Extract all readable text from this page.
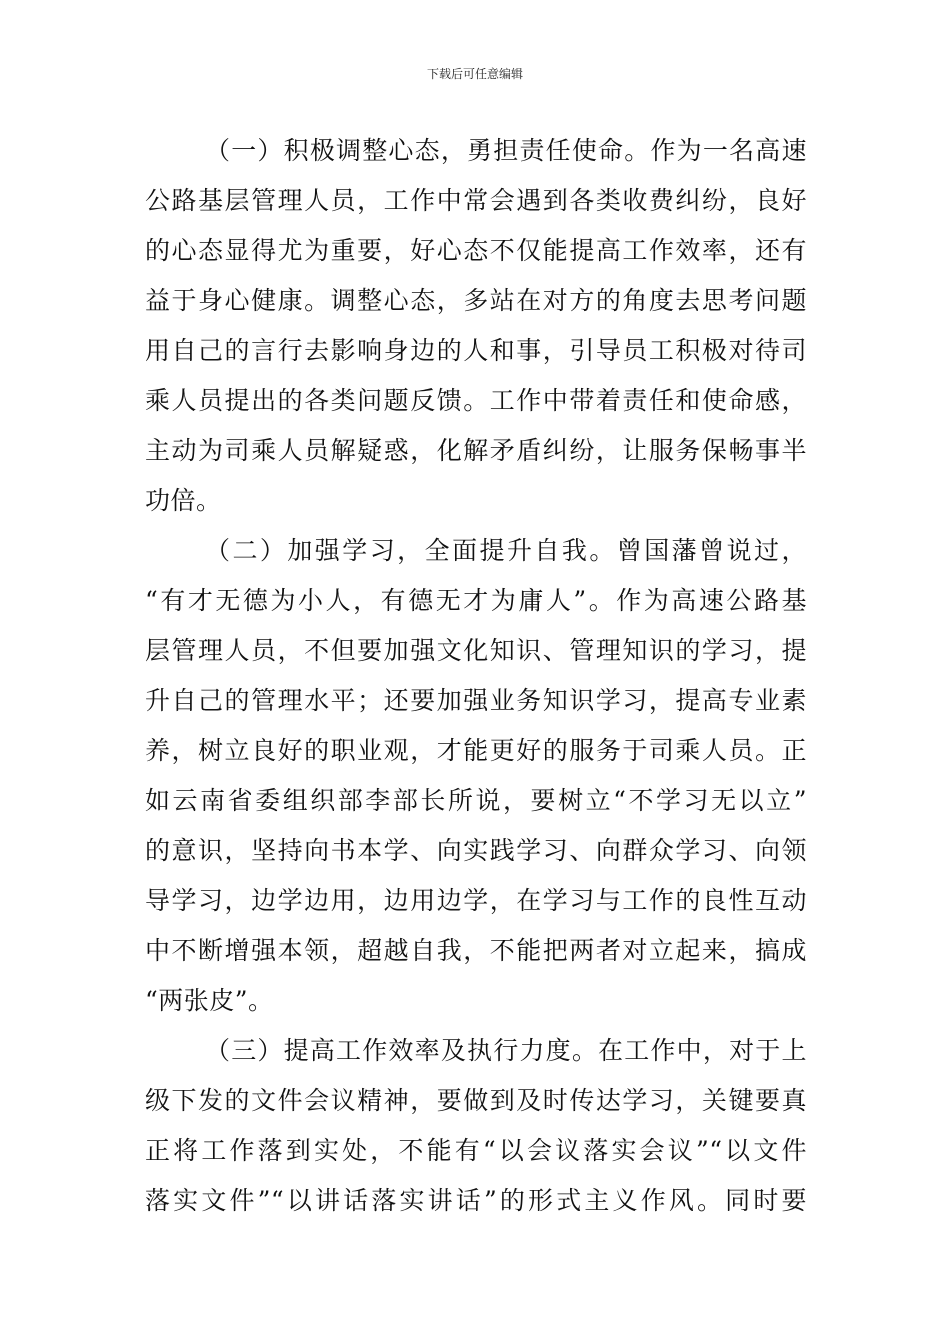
下载后可任意编辑
（一）积极调整心态，勇担责任使命。作为一名高速
公路基层管理人员，工作中常会遇到各类收费纠纷，良好
的心态显得尤为重要，好心态不仅能提高工作效率，还有
益于身心健康。调整心态，多站在对方的角度去思考问题
用自己的言行去影响身边的人和事，引导员工积极对待司
乘人员提出的各类问题反馈。工作中带着责任和使命感，
主动为司乘人员解疑惑，化解矛盾纠纷，让服务保畅事半
功倍。
（二）加强学习，全面提升自我。曾国藩曾说过，
“有才无德为小人，有德无才为庸人”。作为高速公路基
层管理人员，不但要加强文化知识、管理知识的学习，提
升自己的管理水平；还要加强业务知识学习，提高专业素
养，树立良好的职业观，才能更好的服务于司乘人员。正
如云南省委组织部李部长所说，要树立“不学习无以立”
的意识，坚持向书本学、向实践学习、向群众学习、向领
导学习，边学边用，边用边学，在学习与工作的良性互动
中不断增强本领，超越自我，不能把两者对立起来，搞成
“两张皮”。
（三）提高工作效率及执行力度。在工作中，对于上
级下发的文件会议精神，要做到及时传达学习，关键要真
正将工作落到实处，不能有“以会议落实会议”“以文件
落实文件”“以讲话落实讲话”的形式主义作风。同时要
